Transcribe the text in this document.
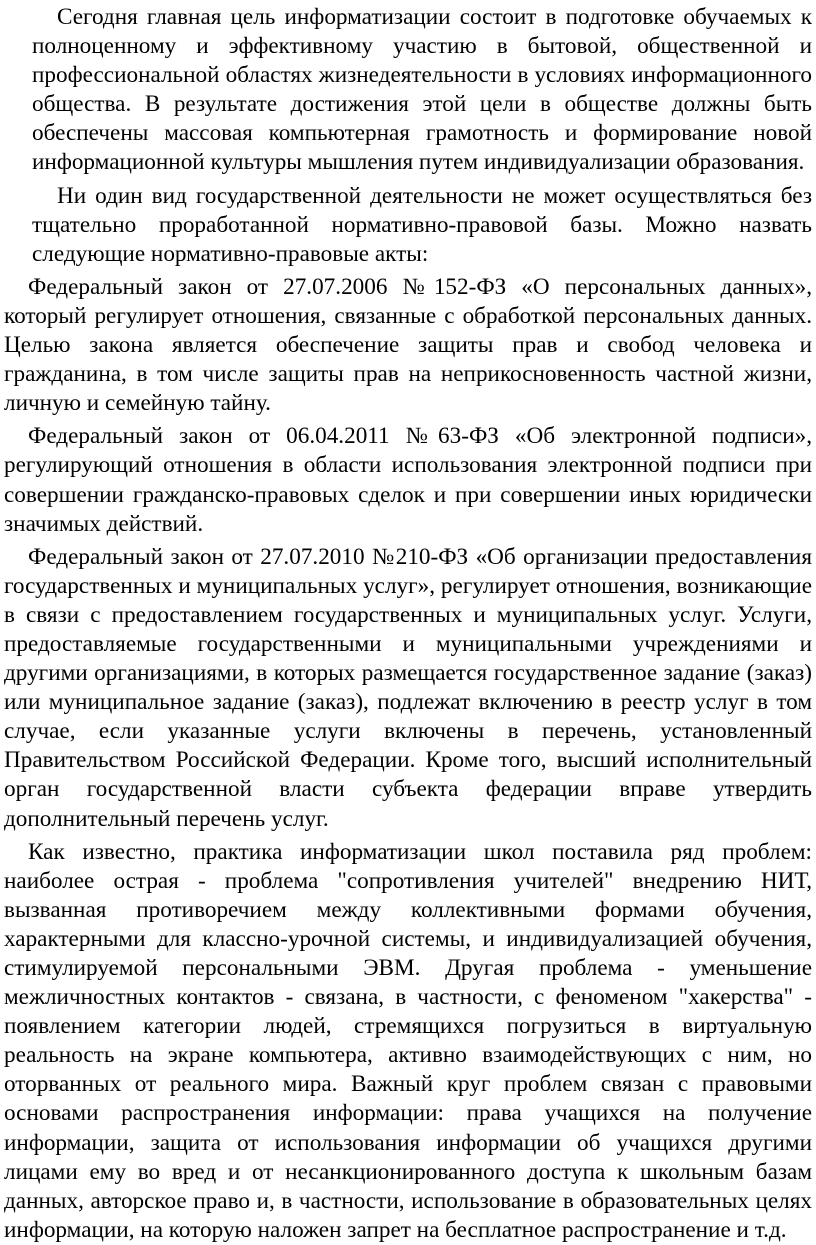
Сегодня главная цель информатизации состоит в подготовке обучаемых к полноценному и эффективному участию в бытовой, общественной и профессиональной областях жизнедеятельности в условиях информационного общества. В результате достижения этой цели в обществе должны быть обеспечены массовая компьютерная грамотность и формирование новой информационной культуры мышления путем индивидуализации образования.

Ни один вид государственной деятельности не может осуществляться без тщательно проработанной нормативно-правовой базы. Можно назвать следующие нормативно-правовые акты:

Федеральный закон от 27.07.2006 №152-ФЗ «О персональных данных», который регулирует отношения, связанные с обработкой персональных данных. Целью закона является обеспечение защиты прав и свобод человека и гражданина, в том числе защиты прав на неприкосновенность частной жизни, личную и семейную тайну.

Федеральный закон от 06.04.2011 №63-ФЗ «Об электронной подписи», регулирующий отношения в области использования электронной подписи при совершении гражданско-правовых сделок и при совершении иных юридически значимых действий.

Федеральный закон от 27.07.2010 №210-ФЗ «Об организации предоставления государственных и муниципальных услуг», регулирует отношения, возникающие в связи с предоставлением государственных и муниципальных услуг. Услуги, предоставляемые государственными и муниципальными учреждениями и другими организациями, в которых размещается государственное задание (заказ) или муниципальное задание (заказ), подлежат включению в реестр услуг в том случае, если указанные услуги включены в перечень, установленный Правительством Российской Федерации. Кроме того, высший исполнительный орган государственной власти субъекта федерации вправе утвердить дополнительный перечень услуг.

Как известно, практика информатизации школ поставила ряд проблем: наиболее острая - проблема "сопротивления учителей" внедрению НИТ, вызванная противоречием между коллективными формами обучения, характерными для классно-урочной системы, и индивидуализацией обучения, стимулируемой персональными ЭВМ. Другая проблема - уменьшение межличностных контактов - связана, в частности, с феноменом "хакерства" - появлением категории людей, стремящихся погрузиться в виртуальную реальность на экране компьютера, активно взаимодействующих с ним, но оторванных от реального мира. Важный круг проблем связан с правовыми основами распространения информации: права учащихся на получение информации, защита от использования информации об учащихся другими лицами ему во вред и от несанкционированного доступа к школьным базам данных, авторское право и, в частности, использование в образовательных целях информации, на которую наложен запрет на бесплатное распространение и т.д.
